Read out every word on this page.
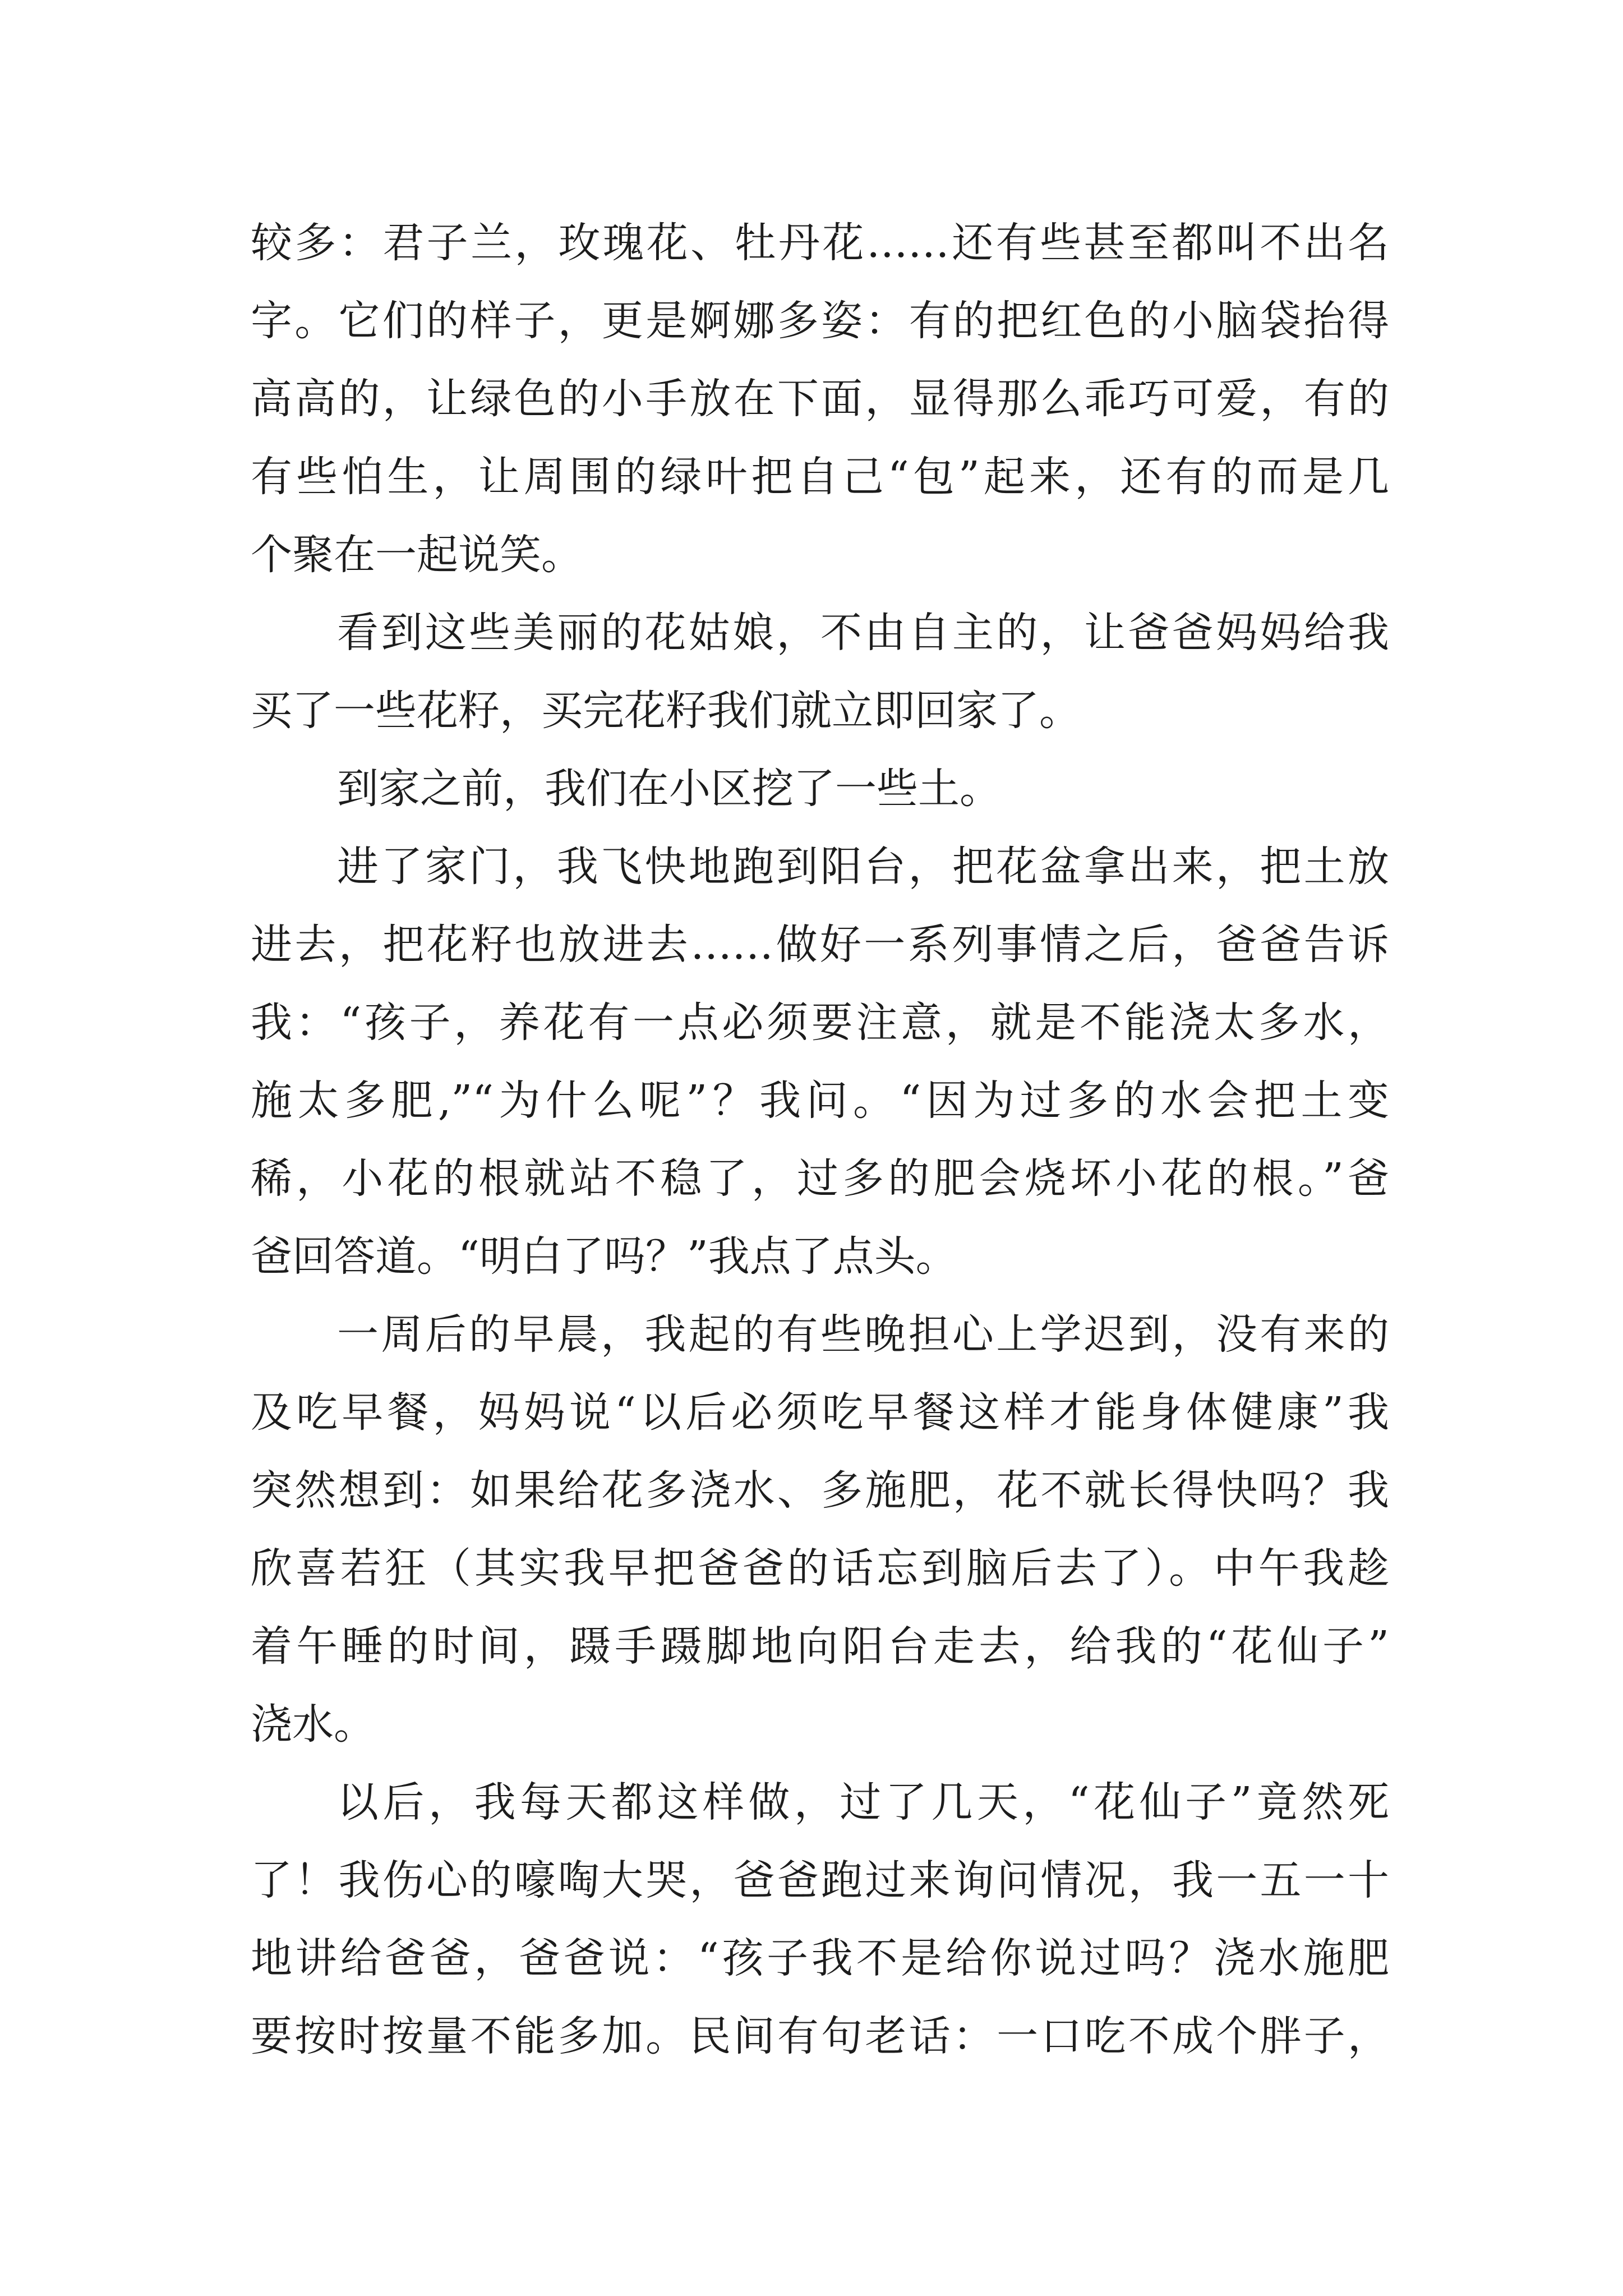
较多：君子兰，玫瑰花、牡丹花……还有些甚至都叫不出名
字。它们的样子，更是婀娜多姿：有的把红色的小脑袋抬得
高高的，让绿色的小手放在下面，显得那么乖巧可爱，有的
有些怕生，让周围的绿叶把自己“包”起来，还有的而是几
个聚在一起说笑。
看到这些美丽的花姑娘，不由自主的，让爸爸妈妈给我
买了一些花籽，买完花籽我们就立即回家了。
到家之前，我们在小区挖了一些土。
进了家门，我飞快地跑到阳台，把花盆拿出来，把土放
进去，把花籽也放进去……做好一系列事情之后，爸爸告诉
我：“孩子，养花有一点必须要注意，就是不能浇太多水，
施太多肥,”“为什么呢”？我问。“因为过多的水会把土变
稀，小花的根就站不稳了，过多的肥会烧坏小花的根。”爸
爸回答道。“明白了吗？”我点了点头。
一周后的早晨，我起的有些晚担心上学迟到，没有来的
及吃早餐，妈妈说“以后必须吃早餐这样才能身体健康”我
突然想到：如果给花多浇水、多施肥，花不就长得快吗？我
欣喜若狂（其实我早把爸爸的话忘到脑后去了）。中午我趁
着午睡的时间，蹑手蹑脚地向阳台走去，给我的“花仙子”
浇水。
以后，我每天都这样做，过了几天，“花仙子”竟然死
了！我伤心的嚎啕大哭，爸爸跑过来询问情况，我一五一十
地讲给爸爸，爸爸说：“孩子我不是给你说过吗？浇水施肥
要按时按量不能多加。民间有句老话：一口吃不成个胖子，
